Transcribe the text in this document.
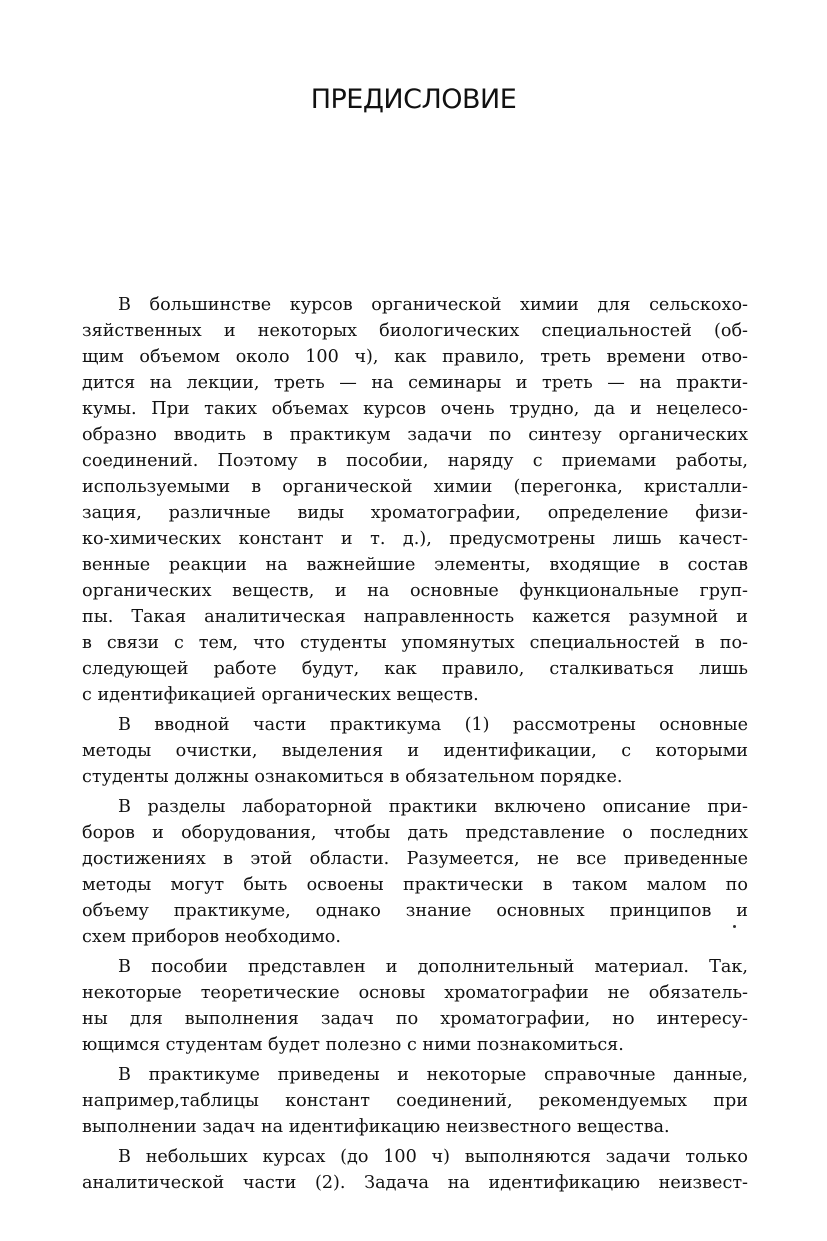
ПРЕДИСЛОВИЕ
В большинстве курсов органической химии для сельскохо-
зяйственных и некоторых биологических специальностей (об-
щим объемом около 100 ч), как правило, треть времени отво-
дится на лекции, треть — на семинары и треть — на практи-
кумы. При таких объемах курсов очень трудно, да и нецелесо-
образно вводить в практикум задачи по синтезу органических
соединений. Поэтому в пособии, наряду с приемами работы,
используемыми в органической химии (перегонка, кристалли-
зация, различные виды хроматографии, определение физи-
ко-химических констант и т. д.), предусмотрены лишь качест-
венные реакции на важнейшие элементы, входящие в состав
органических веществ, и на основные функциональные груп-
пы. Такая аналитическая направленность кажется разумной и
в связи с тем, что студенты упомянутых специальностей в по-
следующей работе будут, как правило, сталкиваться лишь
с идентификацией органических веществ.
В вводной части практикума (1) рассмотрены основные
методы очистки, выделения и идентификации, с которыми
студенты должны ознакомиться в обязательном порядке.
В разделы лабораторной практики включено описание при-
боров и оборудования, чтобы дать представление о последних
достижениях в этой области. Разумеется, не все приведенные
методы могут быть освоены практически в таком малом по
объему практикуме, однако знание основных принципов и
схем приборов необходимо.
В пособии представлен и дополнительный материал. Так,
некоторые теоретические основы хроматографии не обязатель-
ны для выполнения задач по хроматографии, но интересу-
ющимся студентам будет полезно с ними познакомиться.
В практикуме приведены и некоторые справочные данные,
например,таблицы констант соединений, рекомендуемых при
выполнении задач на идентификацию неизвестного вещества.
В небольших курсах (до 100 ч) выполняются задачи только
аналитической части (2). Задача на идентификацию неизвест-
